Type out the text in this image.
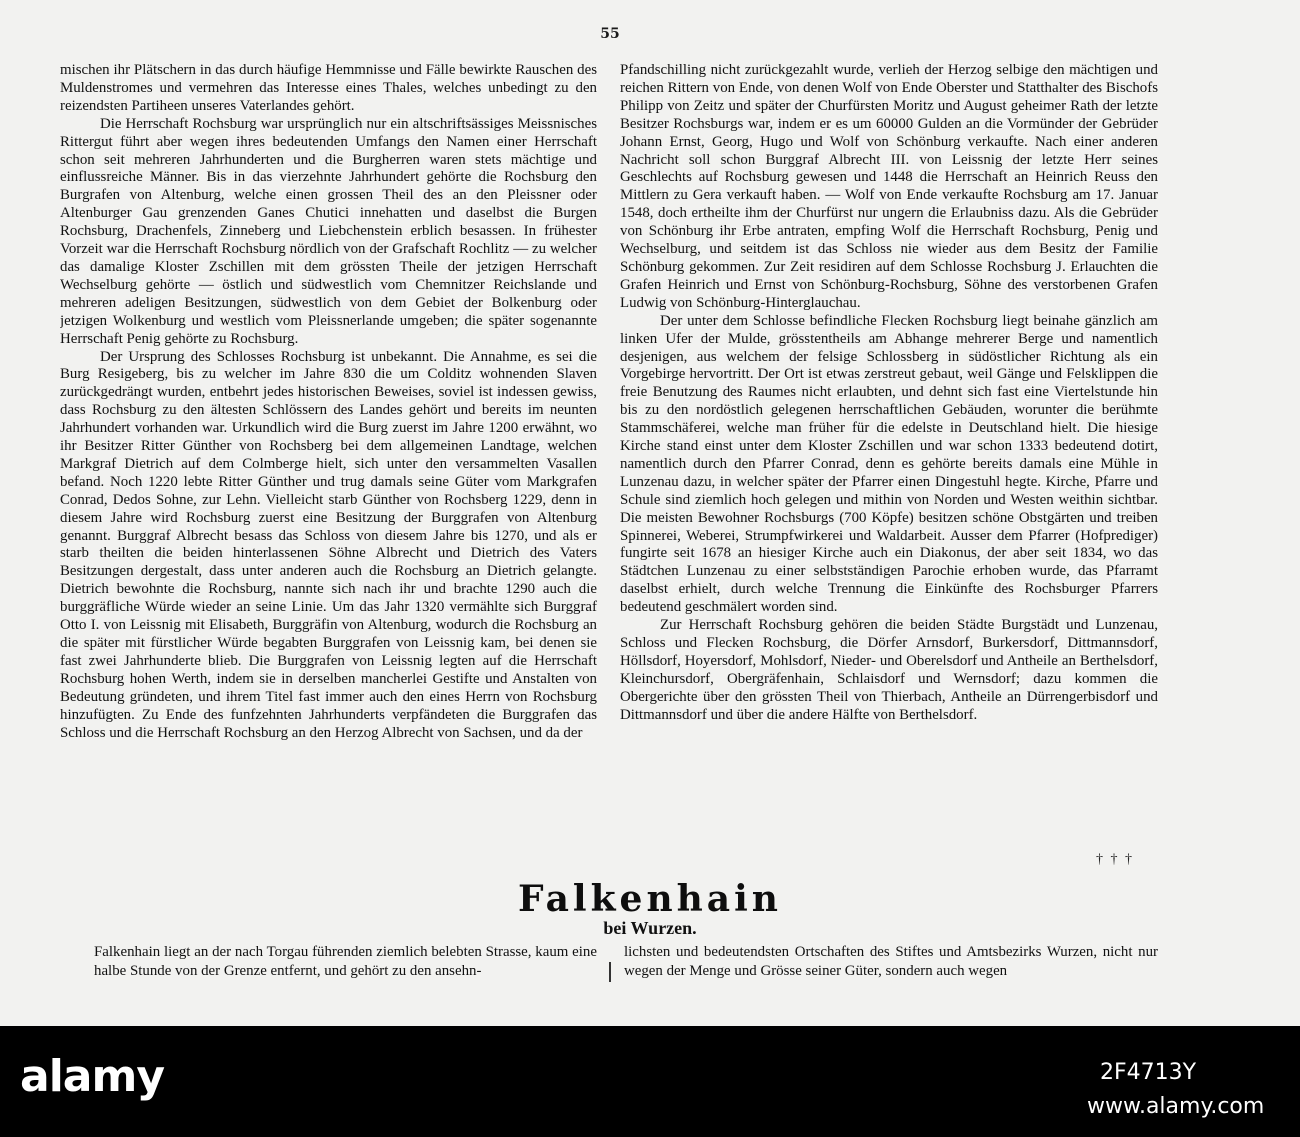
55

mischen ihr Plätschern in das durch häufige Hemmnisse und Fälle bewirkte Rauschen des Muldenstromes und vermehren das Interesse eines Thales, welches unbedingt zu den reizendsten Partiheen unseres Vaterlandes gehört.

Die Herrschaft Rochsburg war ursprünglich nur ein altschriftsässiges Meissnisches Rittergut führt aber wegen ihres bedeutenden Umfangs den Namen einer Herrschaft schon seit mehreren Jahrhunderten und die Burgherren waren stets mächtige und einflussreiche Männer. Bis in das vierzehnte Jahrhundert gehörte die Rochsburg den Burgrafen von Altenburg, welche einen grossen Theil des an den Pleissner oder Altenburger Gau grenzenden Ganes Chutici innehatten und daselbst die Burgen Rochsburg, Drachenfels, Zinneberg und Liebchenstein erblich besassen. In frühester Vorzeit war die Herrschaft Rochsburg nördlich von der Grafschaft Rochlitz — zu welcher das damalige Kloster Zschillen mit dem grössten Theile der jetzigen Herrschaft Wechselburg gehörte — östlich und südwestlich vom Chemnitzer Reichslande und mehreren adeligen Besitzungen, südwestlich von dem Gebiet der Bolkenburg oder jetzigen Wolkenburg und westlich vom Pleissnerlande umgeben; die später sogenannte Herrschaft Penig gehörte zu Rochsburg.

Der Ursprung des Schlosses Rochsburg ist unbekannt. Die Annahme, es sei die Burg Resigeberg, bis zu welcher im Jahre 830 die um Colditz wohnenden Slaven zurückgedrängt wurden, entbehrt jedes historischen Beweises, soviel ist indessen gewiss, dass Rochsburg zu den ältesten Schlössern des Landes gehört und bereits im neunten Jahrhundert vorhanden war. Urkundlich wird die Burg zuerst im Jahre 1200 erwähnt, wo ihr Besitzer Ritter Günther von Rochsberg bei dem allgemeinen Landtage, welchen Markgraf Dietrich auf dem Colmberge hielt, sich unter den versammelten Vasallen befand. Noch 1220 lebte Ritter Günther und trug damals seine Güter vom Markgrafen Conrad, Dedos Sohne, zur Lehn. Vielleicht starb Günther von Rochsberg 1229, denn in diesem Jahre wird Rochsburg zuerst eine Besitzung der Burggrafen von Altenburg genannt. Burggraf Albrecht besass das Schloss von diesem Jahre bis 1270, und als er starb theilten die beiden hinterlassenen Söhne Albrecht und Dietrich des Vaters Besitzungen dergestalt, dass unter anderen auch die Rochsburg an Dietrich gelangte. Dietrich bewohnte die Rochsburg, nannte sich nach ihr und brachte 1290 auch die burggräfliche Würde wieder an seine Linie. Um das Jahr 1320 vermählte sich Burggraf Otto I. von Leissnig mit Elisabeth, Burggräfin von Altenburg, wodurch die Rochsburg an die später mit fürstlicher Würde begabten Burggrafen von Leissnig kam, bei denen sie fast zwei Jahrhunderte blieb. Die Burggrafen von Leissnig legten auf die Herrschaft Rochsburg hohen Werth, indem sie in derselben mancherlei Gestifte und Anstalten von Bedeutung gründeten, und ihrem Titel fast immer auch den eines Herrn von Rochsburg hinzufügten. Zu Ende des funfzehnten Jahrhunderts verpfändeten die Burggrafen das Schloss und die Herrschaft Rochsburg an den Herzog Albrecht von Sachsen, und da der

Pfandschilling nicht zurückgezahlt wurde, verlieh der Herzog selbige den mächtigen und reichen Rittern von Ende, von denen Wolf von Ende Oberster und Statthalter des Bischofs Philipp von Zeitz und später der Churfürsten Moritz und August geheimer Rath der letzte Besitzer Rochsburgs war, indem er es um 60000 Gulden an die Vormünder der Gebrüder Johann Ernst, Georg, Hugo und Wolf von Schönburg verkaufte. Nach einer anderen Nachricht soll schon Burggraf Albrecht III. von Leissnig der letzte Herr seines Geschlechts auf Rochsburg gewesen und 1448 die Herrschaft an Heinrich Reuss den Mittlern zu Gera verkauft haben. — Wolf von Ende verkaufte Rochsburg am 17. Januar 1548, doch ertheilte ihm der Churfürst nur ungern die Erlaubniss dazu. Als die Gebrüder von Schönburg ihr Erbe antraten, empfing Wolf die Herrschaft Rochsburg, Penig und Wechselburg, und seitdem ist das Schloss nie wieder aus dem Besitz der Familie Schönburg gekommen. Zur Zeit residiren auf dem Schlosse Rochsburg J. Erlauchten die Grafen Heinrich und Ernst von Schönburg-Rochsburg, Söhne des verstorbenen Grafen Ludwig von Schönburg-Hinterglauchau.

Der unter dem Schlosse befindliche Flecken Rochsburg liegt beinahe gänzlich am linken Ufer der Mulde, grösstentheils am Abhange mehrerer Berge und namentlich desjenigen, aus welchem der felsige Schlossberg in südöstlicher Richtung als ein Vorgebirge hervortritt. Der Ort ist etwas zerstreut gebaut, weil Gänge und Felsklippen die freie Benutzung des Raumes nicht erlaubten, und dehnt sich fast eine Viertelstunde hin bis zu den nordöstlich gelegenen herrschaftlichen Gebäuden, worunter die berühmte Stammschäferei, welche man früher für die edelste in Deutschland hielt. Die hiesige Kirche stand einst unter dem Kloster Zschillen und war schon 1333 bedeutend dotirt, namentlich durch den Pfarrer Conrad, denn es gehörte bereits damals eine Mühle in Lunzenau dazu, in welcher später der Pfarrer einen Dingestuhl hegte. Kirche, Pfarre und Schule sind ziemlich hoch gelegen und mithin von Norden und Westen weithin sichtbar. Die meisten Bewohner Rochsburgs (700 Köpfe) besitzen schöne Obstgärten und treiben Spinnerei, Weberei, Strumpfwirkerei und Waldarbeit. Ausser dem Pfarrer (Hofprediger) fungirte seit 1678 an hiesiger Kirche auch ein Diakonus, der aber seit 1834, wo das Städtchen Lunzenau zu einer selbstständigen Parochie erhoben wurde, das Pfarramt daselbst erhielt, durch welche Trennung die Einkünfte des Rochsburger Pfarrers bedeutend geschmälert worden sind.

Zur Herrschaft Rochsburg gehören die beiden Städte Burgstädt und Lunzenau, Schloss und Flecken Rochsburg, die Dörfer Arnsdorf, Burkersdorf, Dittmannsdorf, Höllsdorf, Hoyersdorf, Mohlsdorf, Nieder- und Oberelsdorf und Antheile an Berthelsdorf, Kleinchursdorf, Obergräfenhain, Schlaisdorf und Wernsdorf; dazu kommen die Obergerichte über den grössten Theil von Thierbach, Antheile an Dürrengerbisdorf und Dittmannsdorf und über die andere Hälfte von Berthelsdorf.

† † †
Falkenhain
bei Wurzen.

Falkenhain liegt an der nach Torgau führenden ziemlich belebten Strasse, kaum eine halbe Stunde von der Grenze entfernt, und gehört zu den ansehn-

lichsten und bedeutendsten Ortschaften des Stiftes und Amtsbezirks Wurzen, nicht nur wegen der Menge und Grösse seiner Güter, sondern auch wegen

alamy	2F4713Y
www.alamy.com
